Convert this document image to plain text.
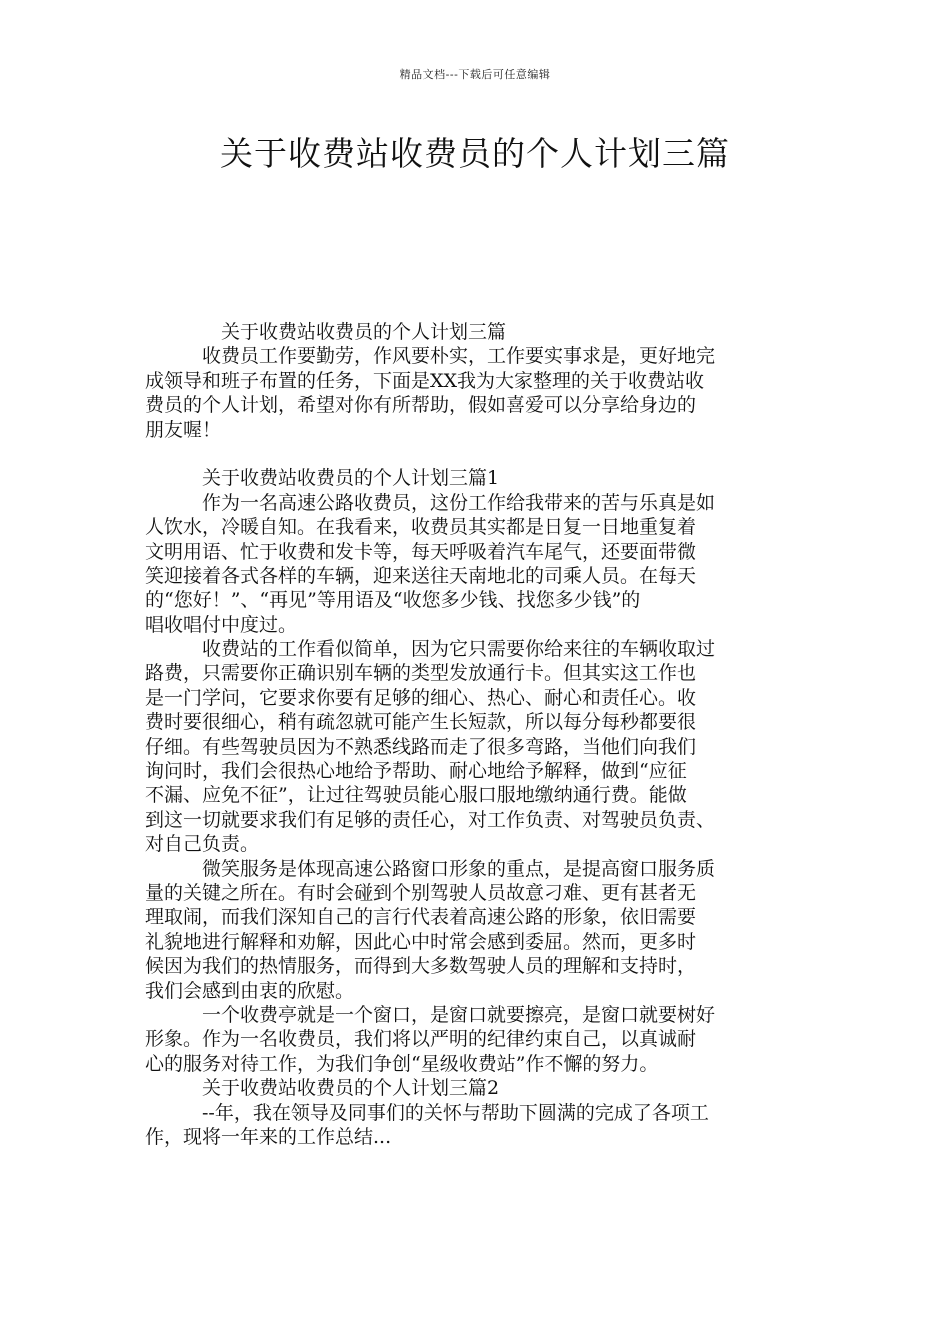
精品文档---下载后可任意编辑
关于收费站收费员的个人计划三篇
关于收费站收费员的个人计划三篇
收费员工作要勤劳，作风要朴实，工作要实事求是，更好地完
成领导和班子布置的任务，下面是XX我为大家整理的关于收费站收
费员的个人计划，希望对你有所帮助，假如喜爱可以分享给身边的
朋友喔！
关于收费站收费员的个人计划三篇1
作为一名高速公路收费员，这份工作给我带来的苦与乐真是如
人饮水，冷暖自知。在我看来，收费员其实都是日复一日地重复着
文明用语、忙于收费和发卡等，每天呼吸着汽车尾气，还要面带微
笑迎接着各式各样的车辆，迎来送往天南地北的司乘人员。在每天
的“您好！”、“再见”等用语及“收您多少钱、找您多少钱”的
唱收唱付中度过。
收费站的工作看似简单，因为它只需要你给来往的车辆收取过
路费，只需要你正确识别车辆的类型发放通行卡。但其实这工作也
是一门学问，它要求你要有足够的细心、热心、耐心和责任心。收
费时要很细心，稍有疏忽就可能产生长短款，所以每分每秒都要很
仔细。有些驾驶员因为不熟悉线路而走了很多弯路，当他们向我们
询问时，我们会很热心地给予帮助、耐心地给予解释，做到“应征
不漏、应免不征”，让过往驾驶员能心服口服地缴纳通行费。能做
到这一切就要求我们有足够的责任心，对工作负责、对驾驶员负责、
对自己负责。
微笑服务是体现高速公路窗口形象的重点，是提高窗口服务质
量的关键之所在。有时会碰到个别驾驶人员故意刁难、更有甚者无
理取闹，而我们深知自己的言行代表着高速公路的形象，依旧需要
礼貌地进行解释和劝解，因此心中时常会感到委屈。然而，更多时
候因为我们的热情服务，而得到大多数驾驶人员的理解和支持时，
我们会感到由衷的欣慰。
一个收费亭就是一个窗口，是窗口就要擦亮，是窗口就要树好
形象。作为一名收费员，我们将以严明的纪律约束自己，以真诚耐
心的服务对待工作，为我们争创“星级收费站”作不懈的努力。
关于收费站收费员的个人计划三篇2
--年，我在领导及同事们的关怀与帮助下圆满的完成了各项工
作，现将一年来的工作总结...
